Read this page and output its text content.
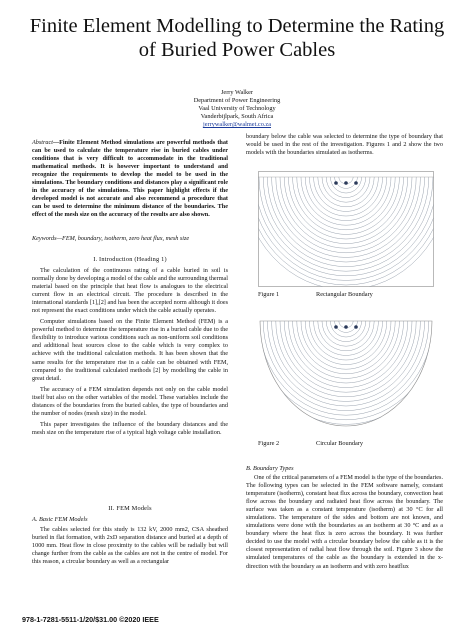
Finite Element Modelling to Determine the Rating
of Buried Power Cables
Jerry Walker
Department of Power Engineering
Vaal University of Technology
Vanderbijlpark, South Africa
jerrywalker@walmet.co.za
Abstract—Finite Element Method simulations are powerful methods that can be used to calculate the temperature rise in buried cables under conditions that is very difficult to accommodate in the traditional mathematical methods. It is however important to understand and recognize the requirements to develop the model to be used in the simulations. The boundary conditions and distances play a significant role in the accuracy of the simulations. This paper highlight effects if the developed model is not accurate and also recommend a procedure that can be used to determine the minimum distance of the boundaries. The effect of the mesh size on the accuracy of the results are also shown.
Keywords—FEM, boundary, isotherm, zero heat flux, mesh size
I. Introduction (Heading 1)

The calculation of the continuous rating of a cable buried in soil is normally done by developing a model of the cable and the surrounding thermal material based on the principle that heat flow is analogues to the electrical current flow in an electrical circuit. The procedure is described in the international standards [1],[2] and has been the accepted norm although it does not represent the exact conditions under which the cable actually operates.

Computer simulations based on the Finite Element Method (FEM) is a powerful method to determine the temperature rise in a buried cable due to the flexibility to introduce various conditions such as non-uniform soil conditions and additional heat sources close to the cable which is very complex to achieve with the traditional calculation methods. It has been shown that the same results for the temperature rise in a cable can be obtained with FEM, compared to the traditional calculated methods [2] by modelling the cable in great detail.

The accuracy of a FEM simulation depends not only on the cable model itself but also on the other variables of the model. These variables include the distances of the boundaries from the buried cables, the type of boundaries and the number of nodes (mesh size) in the model.

This paper investigates the influence of the boundary distances and the mesh size on the temperature rise of a typical high voltage cable installation.

II. FEM Models
A. Basic FEM Models

The cables selected for this study is 132 kV, 2000 mm2, CSA sheathed buried in flat formation, with 2xD separation distance and buried at a depth of 1000 mm. Heat flow in close proximity to the cables will be radially but will change further from the cable as the cables are not in the centre of model. For this reason, a circular boundary as well as a rectangular

boundary below the cable was selected to determine the type of boundary that would be used in the rest of the investigation. Figures 1 and 2 show the two models with the boundaries simulated as isotherms.

Figure 1	Rectangular Boundary
Figure 2	Circular Boundary
B. Boundary Types

One of the critical parameters of a FEM model is the type of the boundaries. The following types can be selected in the FEM software namely, constant temperature (isotherm), constant heat flux across the boundary, convection heat flow across the boundary and radiated heat flow across the boundary. The surface was taken as a constant temperature (isotherm) at 30 °C for all simulations. The temperature of the sides and bottom are not known, and simulations were done with the boundaries as an isotherm at 30 °C and as a boundary where the heat flux is zero across the boundary. It was further decided to use the model with a circular boundary below the cable as it is the closest representation of radial heat flow through the soil. Figure 3 show the simulated temperatures of the cable as the boundary is extended in the x-direction with the boundary as an isotherm and with zero heatflux

978-1-7281-5511-1/20/$31.00 ©2020 IEEE
